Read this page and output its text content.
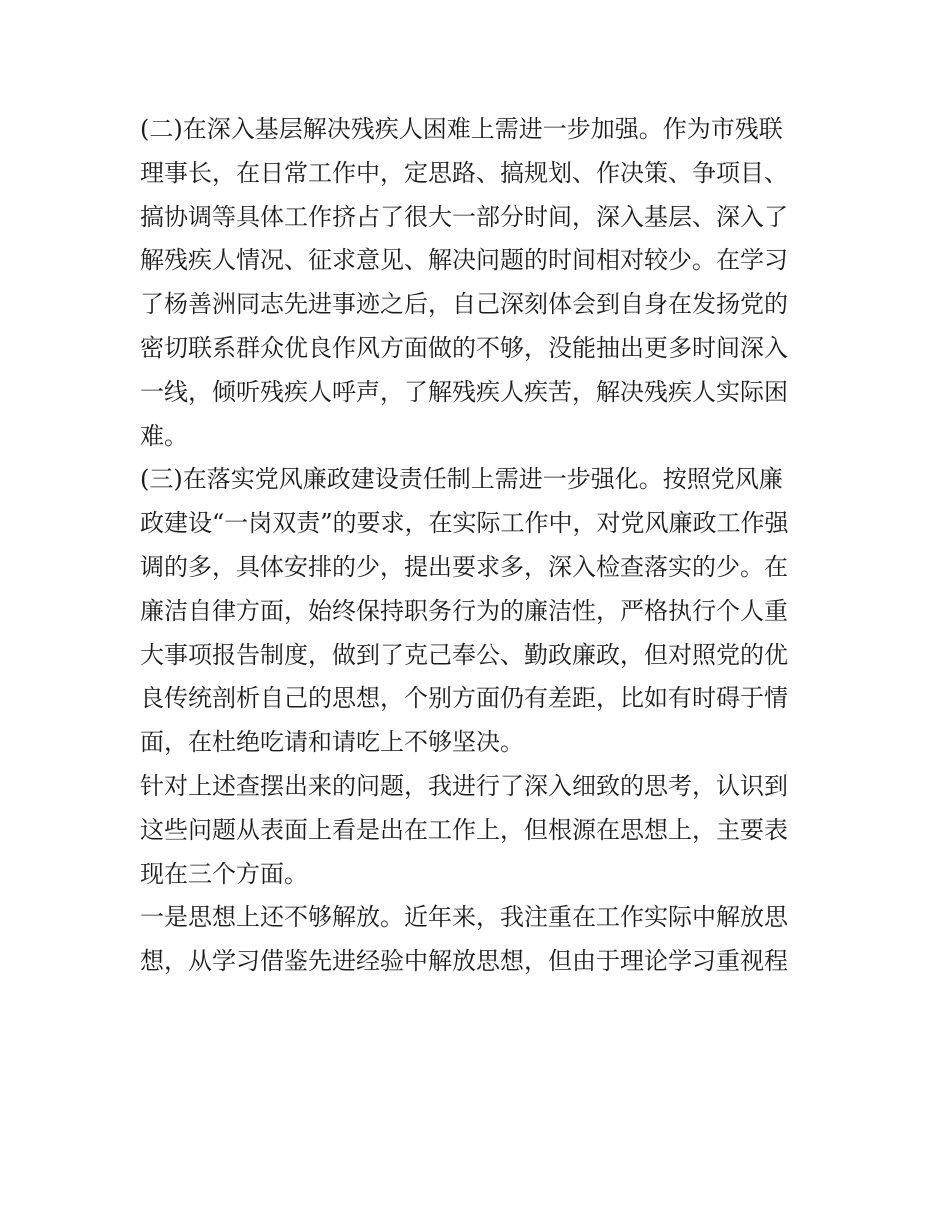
(二)在深入基层解决残疾人困难上需进一步加强。作为市残联
理事长，在日常工作中，定思路、搞规划、作决策、争项目、
搞协调等具体工作挤占了很大一部分时间，深入基层、深入了
解残疾人情况、征求意见、解决问题的时间相对较少。在学习
了杨善洲同志先进事迹之后，自己深刻体会到自身在发扬党的
密切联系群众优良作风方面做的不够，没能抽出更多时间深入
一线，倾听残疾人呼声，了解残疾人疾苦，解决残疾人实际困
难。
(三)在落实党风廉政建设责任制上需进一步强化。按照党风廉
政建设“一岗双责”的要求，在实际工作中，对党风廉政工作强
调的多，具体安排的少，提出要求多，深入检查落实的少。在
廉洁自律方面，始终保持职务行为的廉洁性，严格执行个人重
大事项报告制度，做到了克己奉公、勤政廉政，但对照党的优
良传统剖析自己的思想，个别方面仍有差距，比如有时碍于情
面，在杜绝吃请和请吃上不够坚决。
针对上述查摆出来的问题，我进行了深入细致的思考，认识到
这些问题从表面上看是出在工作上，但根源在思想上，主要表
现在三个方面。
一是思想上还不够解放。近年来，我注重在工作实际中解放思
想，从学习借鉴先进经验中解放思想，但由于理论学习重视程
